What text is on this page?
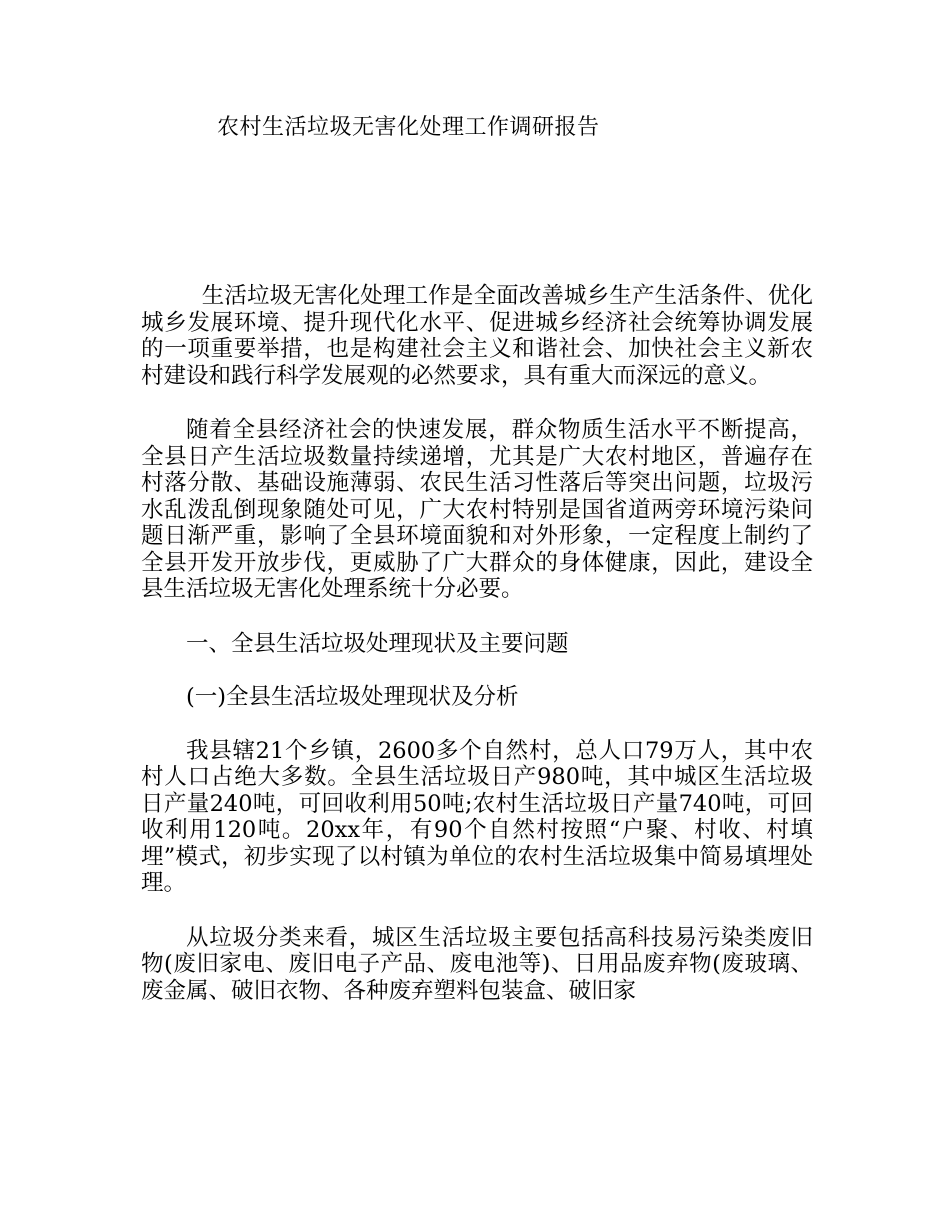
农村生活垃圾无害化处理工作调研报告

生活垃圾无害化处理工作是全面改善城乡生产生活条件、优化城乡发展环境、提升现代化水平、促进城乡经济社会统筹协调发展的一项重要举措，也是构建社会主义和谐社会、加快社会主义新农村建设和践行科学发展观的必然要求，具有重大而深远的意义。

随着全县经济社会的快速发展，群众物质生活水平不断提高，全县日产生活垃圾数量持续递增，尤其是广大农村地区，普遍存在村落分散、基础设施薄弱、农民生活习性落后等突出问题，垃圾污水乱泼乱倒现象随处可见，广大农村特别是国省道两旁环境污染问题日渐严重，影响了全县环境面貌和对外形象，一定程度上制约了全县开发开放步伐，更威胁了广大群众的身体健康，因此，建设全县生活垃圾无害化处理系统十分必要。

一、全县生活垃圾处理现状及主要问题
(一)全县生活垃圾处理现状及分析

我县辖21个乡镇，2600多个自然村，总人口79万人，其中农村人口占绝大多数。全县生活垃圾日产980吨，其中城区生活垃圾日产量240吨，可回收利用50吨;农村生活垃圾日产量740吨，可回收利用120吨。20xx年，有90个自然村按照“户聚、村收、村填埋”模式，初步实现了以村镇为单位的农村生活垃圾集中简易填埋处理。

从垃圾分类来看，城区生活垃圾主要包括高科技易污染类废旧物(废旧家电、废旧电子产品、废电池等)、日用品废弃物(废玻璃、废金属、破旧衣物、各种废弃塑料包装盒、破旧家
